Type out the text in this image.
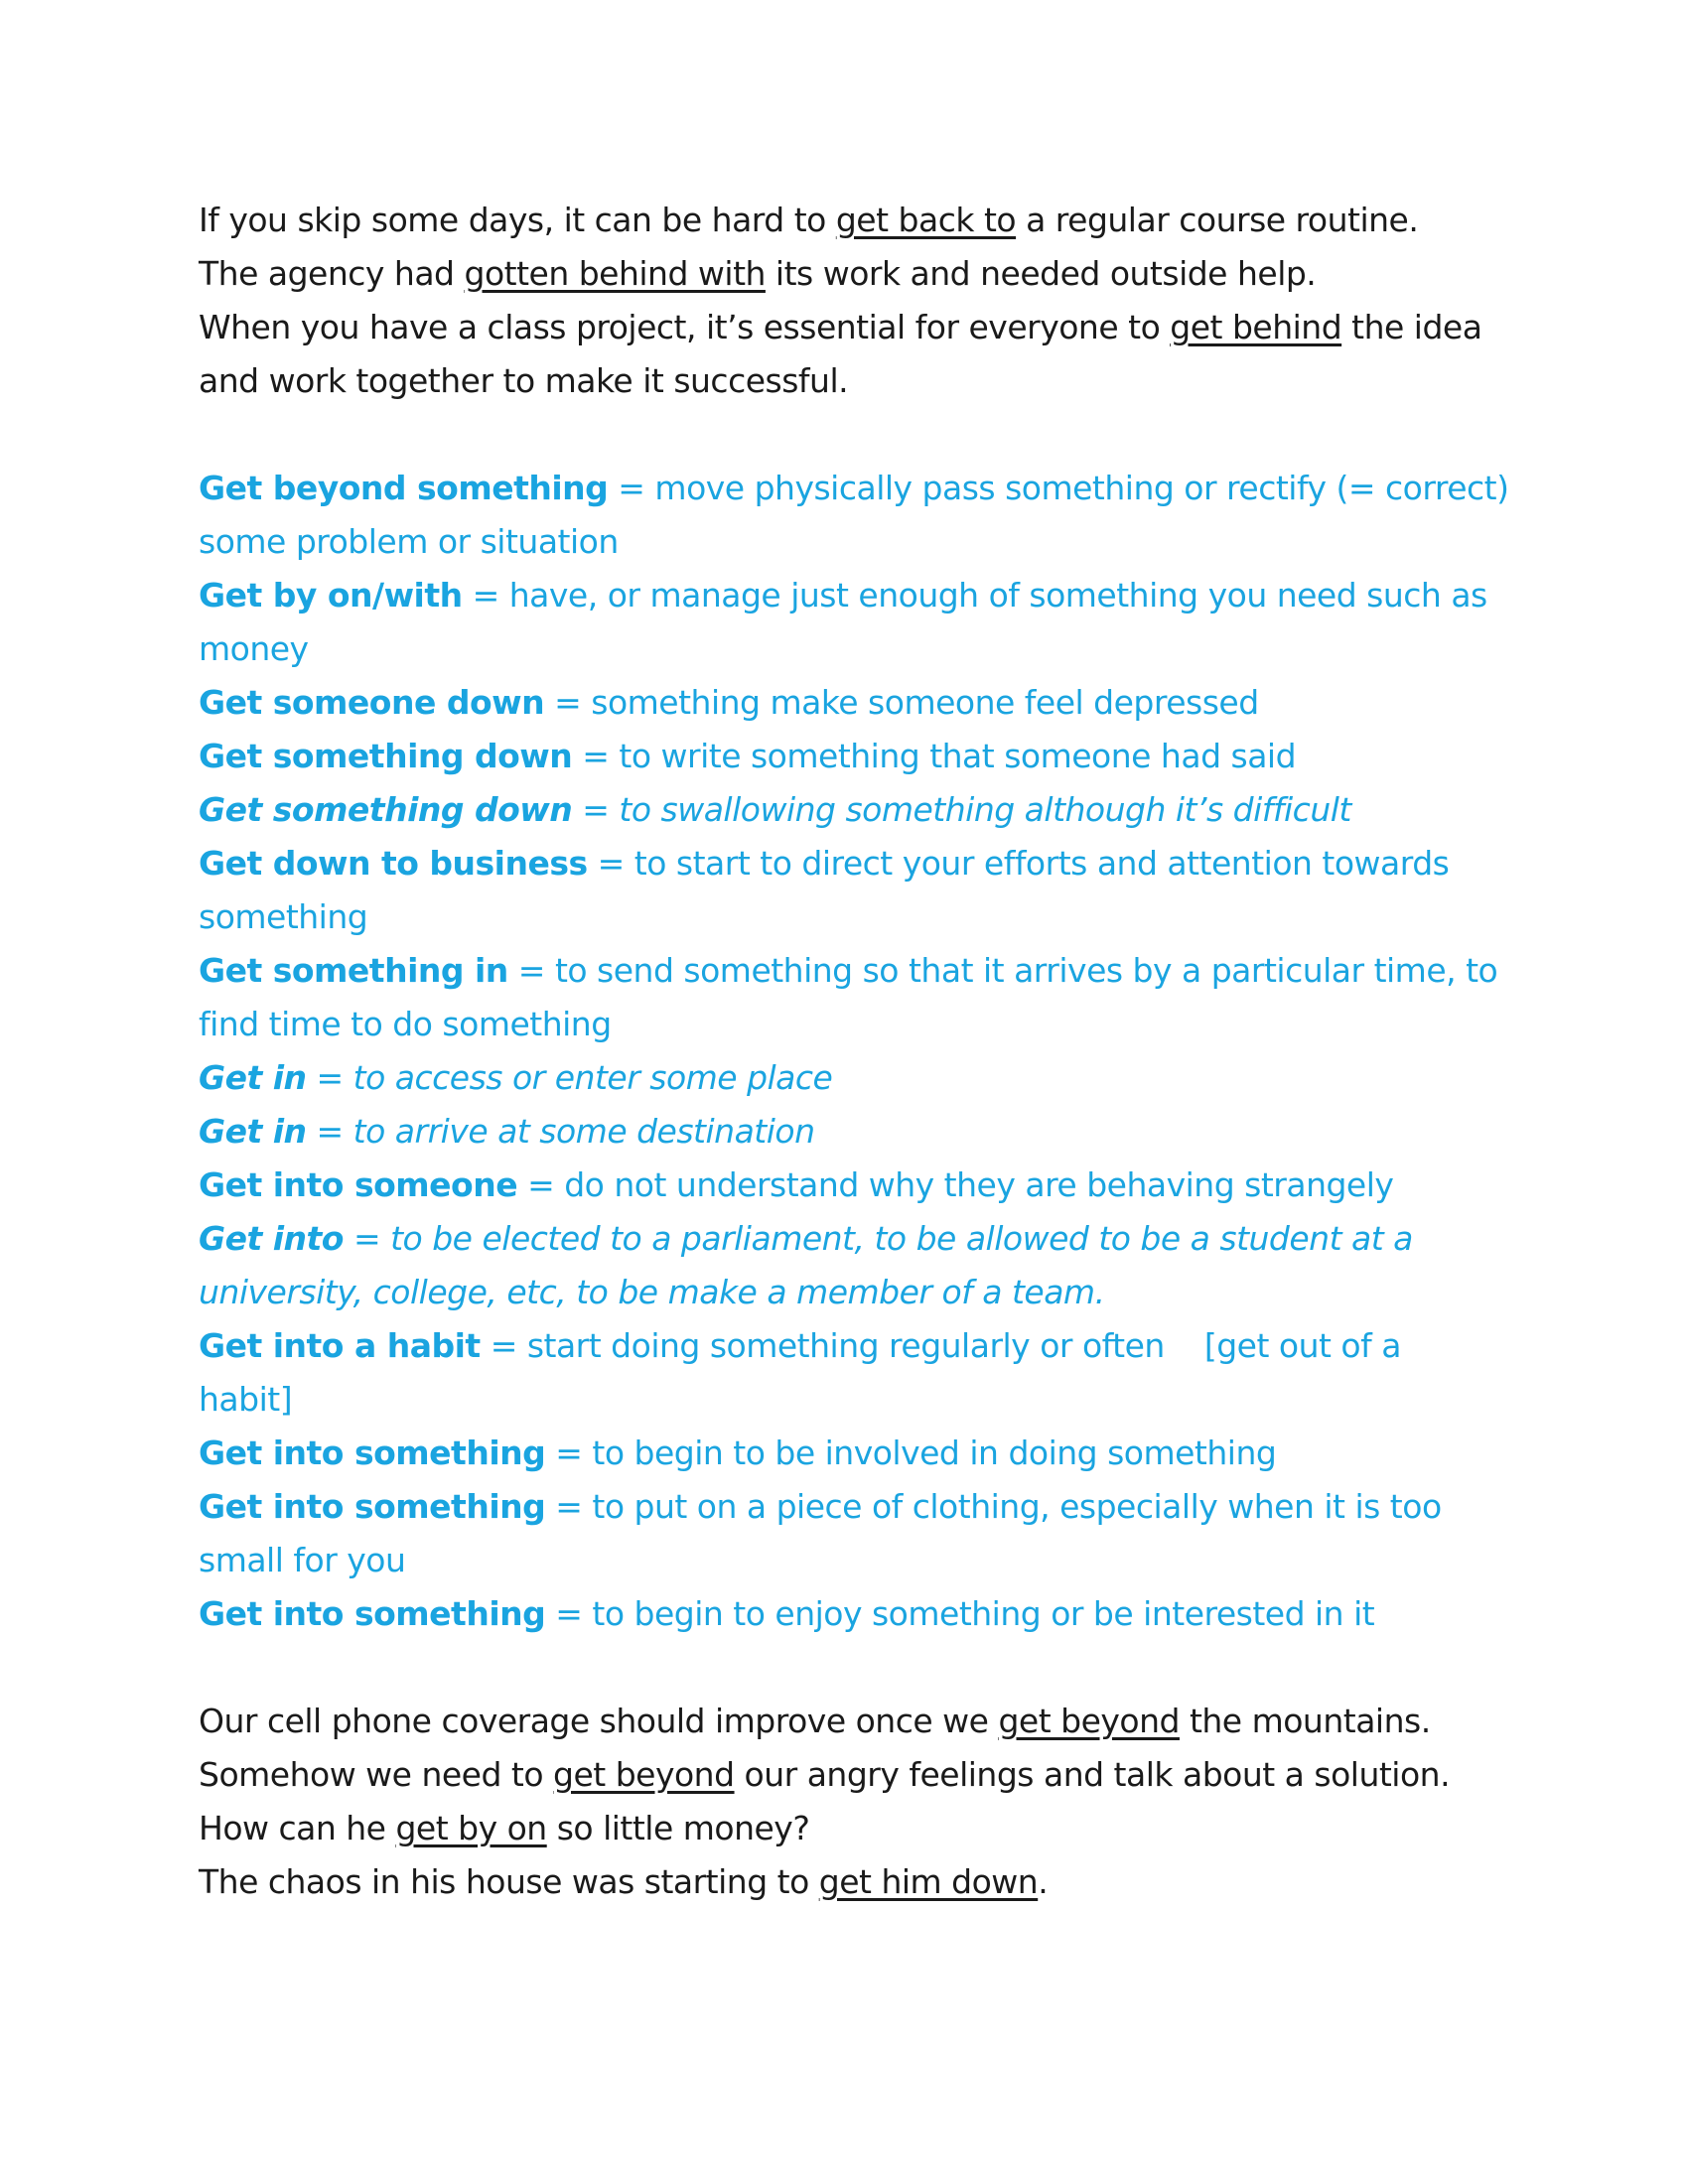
If you skip some days, it can be hard to get back to a regular course routine.
The agency had gotten behind with its work and needed outside help.
When you have a class project, it’s essential for everyone to get behind the idea
and work together to make it successful.
Get beyond something = move physically pass something or rectify (= correct)
some problem or situation
Get by on/with = have, or manage just enough of something you need such as
money
Get someone down = something make someone feel depressed
Get something down = to write something that someone had said
Get something down = to swallowing something although it’s difficult
Get down to business = to start to direct your efforts and attention towards
something
Get something in = to send something so that it arrives by a particular time, to
find time to do something
Get in = to access or enter some place
Get in = to arrive at some destination
Get into someone = do not understand why they are behaving strangely
Get into = to be elected to a parliament, to be allowed to be a student at a
university, college, etc, to be make a member of a team.
Get into a habit = start doing something regularly or often [get out of a
habit]
Get into something = to begin to be involved in doing something
Get into something = to put on a piece of clothing, especially when it is too
small for you
Get into something = to begin to enjoy something or be interested in it
Our cell phone coverage should improve once we get beyond the mountains.
Somehow we need to get beyond our angry feelings and talk about a solution.
How can he get by on so little money?
The chaos in his house was starting to get him down.
